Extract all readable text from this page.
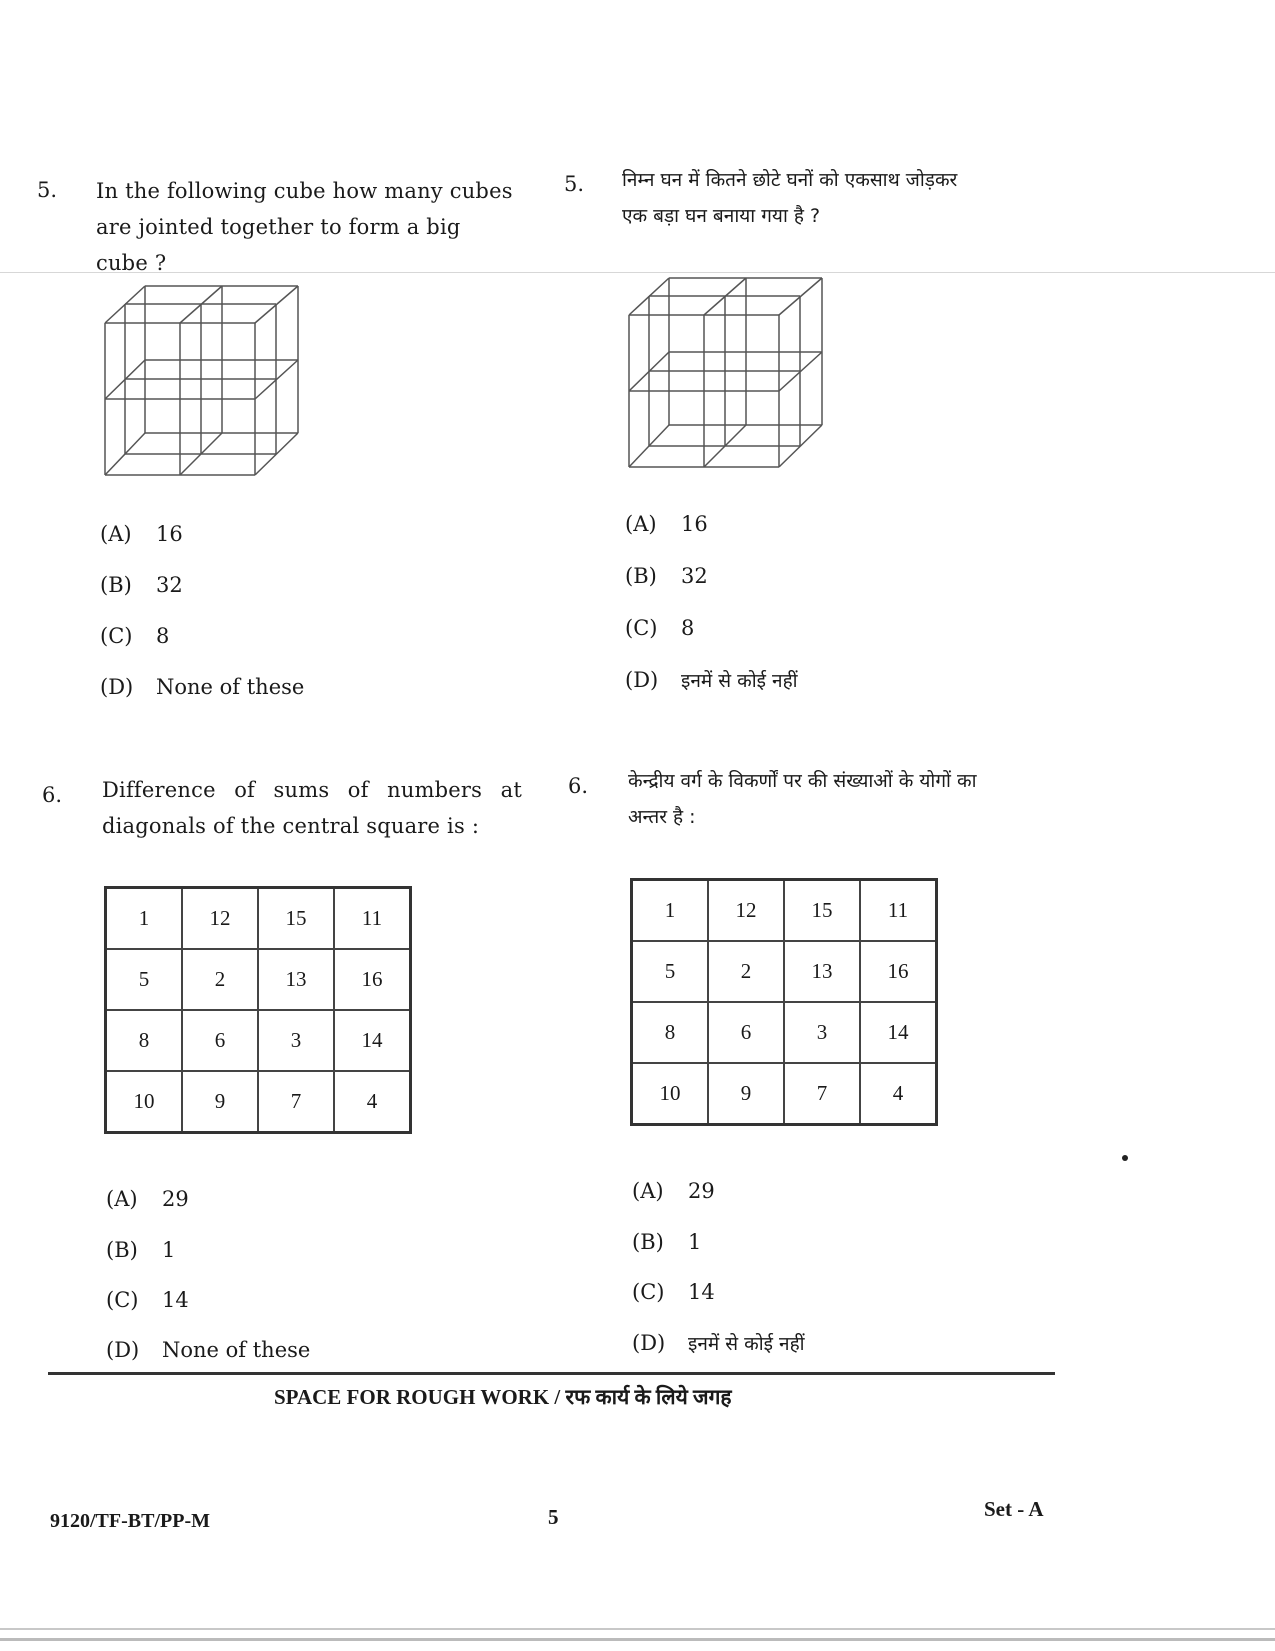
5. In the following cube how many cubes
are jointed together to form a big cube ?
5. निम्न घन में कितने छोटे घनों को एकसाथ जोड़कर
एक बड़ा घन बनाया गया है ?
(A) 16
(B) 32
(C) 8
(D) None of these
(A) 16
(B) 32
(C) 8
(D) इनमें से कोई नहीं
6. Difference of sums of numbers at
diagonals of the central square is :
6. केन्द्रीय वर्ग के विकर्णों पर की संख्याओं के योगों का
अन्तर है :
1	12	15	11
5	2	13	16
8	6	3	14
10	9	7	4
1	12	15	11
5	2	13	16
8	6	3	14
10	9	7	4
(A) 29
(B) 1
(C) 14
(D) None of these
(A) 29
(B) 1
(C) 14
(D) इनमें से कोई नहीं
SPACE FOR ROUGH WORK / रफ कार्य के लिये जगह
9120/TF-BT/PP-M	5	Set - A
